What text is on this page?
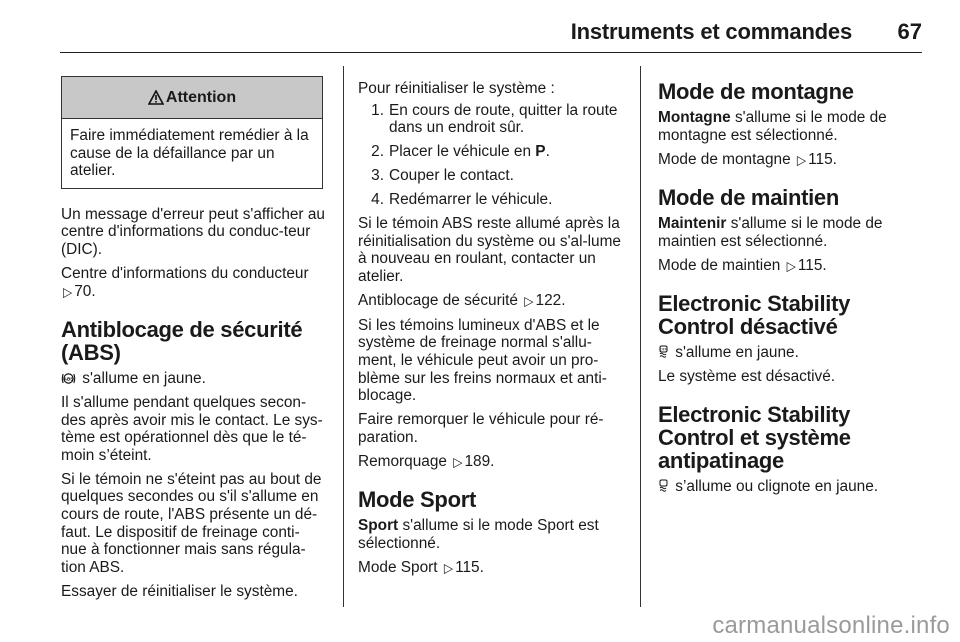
Instruments et commandes 67
Attention
Faire immédiatement remédier à la cause de la défaillance par un atelier.

Un message d'erreur peut s'afficher au centre d'informations du conduc-teur (DIC).

Centre d'informations du conducteur ▷ 70.

Antiblocage de sécurité (ABS)

ABS s'allume en jaune.

Il s'allume pendant quelques secon-des après avoir mis le contact. Le sys-tème est opérationnel dès que le té-moin s’éteint.

Si le témoin ne s'éteint pas au bout de quelques secondes ou s'il s'allume en cours de route, l'ABS présente un dé-faut. Le dispositif de freinage conti-nue à fonctionner mais sans régula-tion ABS.

Essayer de réinitialiser le système.

Pour réinitialiser le système :

1. En cours de route, quitter la route dans un endroit sûr.
2. Placer le véhicule en P.
3. Couper le contact.
4. Redémarrer le véhicule.

Si le témoin ABS reste allumé après la réinitialisation du système ou s'al-lume à nouveau en roulant, contacter un atelier.

Antiblocage de sécurité ▷ 122.

Si les témoins lumineux d'ABS et le système de freinage normal s'allu-ment, le véhicule peut avoir un pro-blème sur les freins normaux et anti-blocage.

Faire remorquer le véhicule pour ré-paration.

Remorquage ▷ 189.

Mode Sport

Sport s'allume si le mode Sport est sélectionné.

Mode Sport ▷ 115.

Mode de montagne

Montagne s'allume si le mode de montagne est sélectionné.

Mode de montagne ▷ 115.

Mode de maintien

Maintenir s'allume si le mode de maintien est sélectionné.

Mode de maintien ▷ 115.

Electronic Stability Control désactivé

OFF s'allume en jaune.

Le système est désactivé.

Electronic Stability Control et système antipatinage

s’allume ou clignote en jaune.

carmanualsonline.info
